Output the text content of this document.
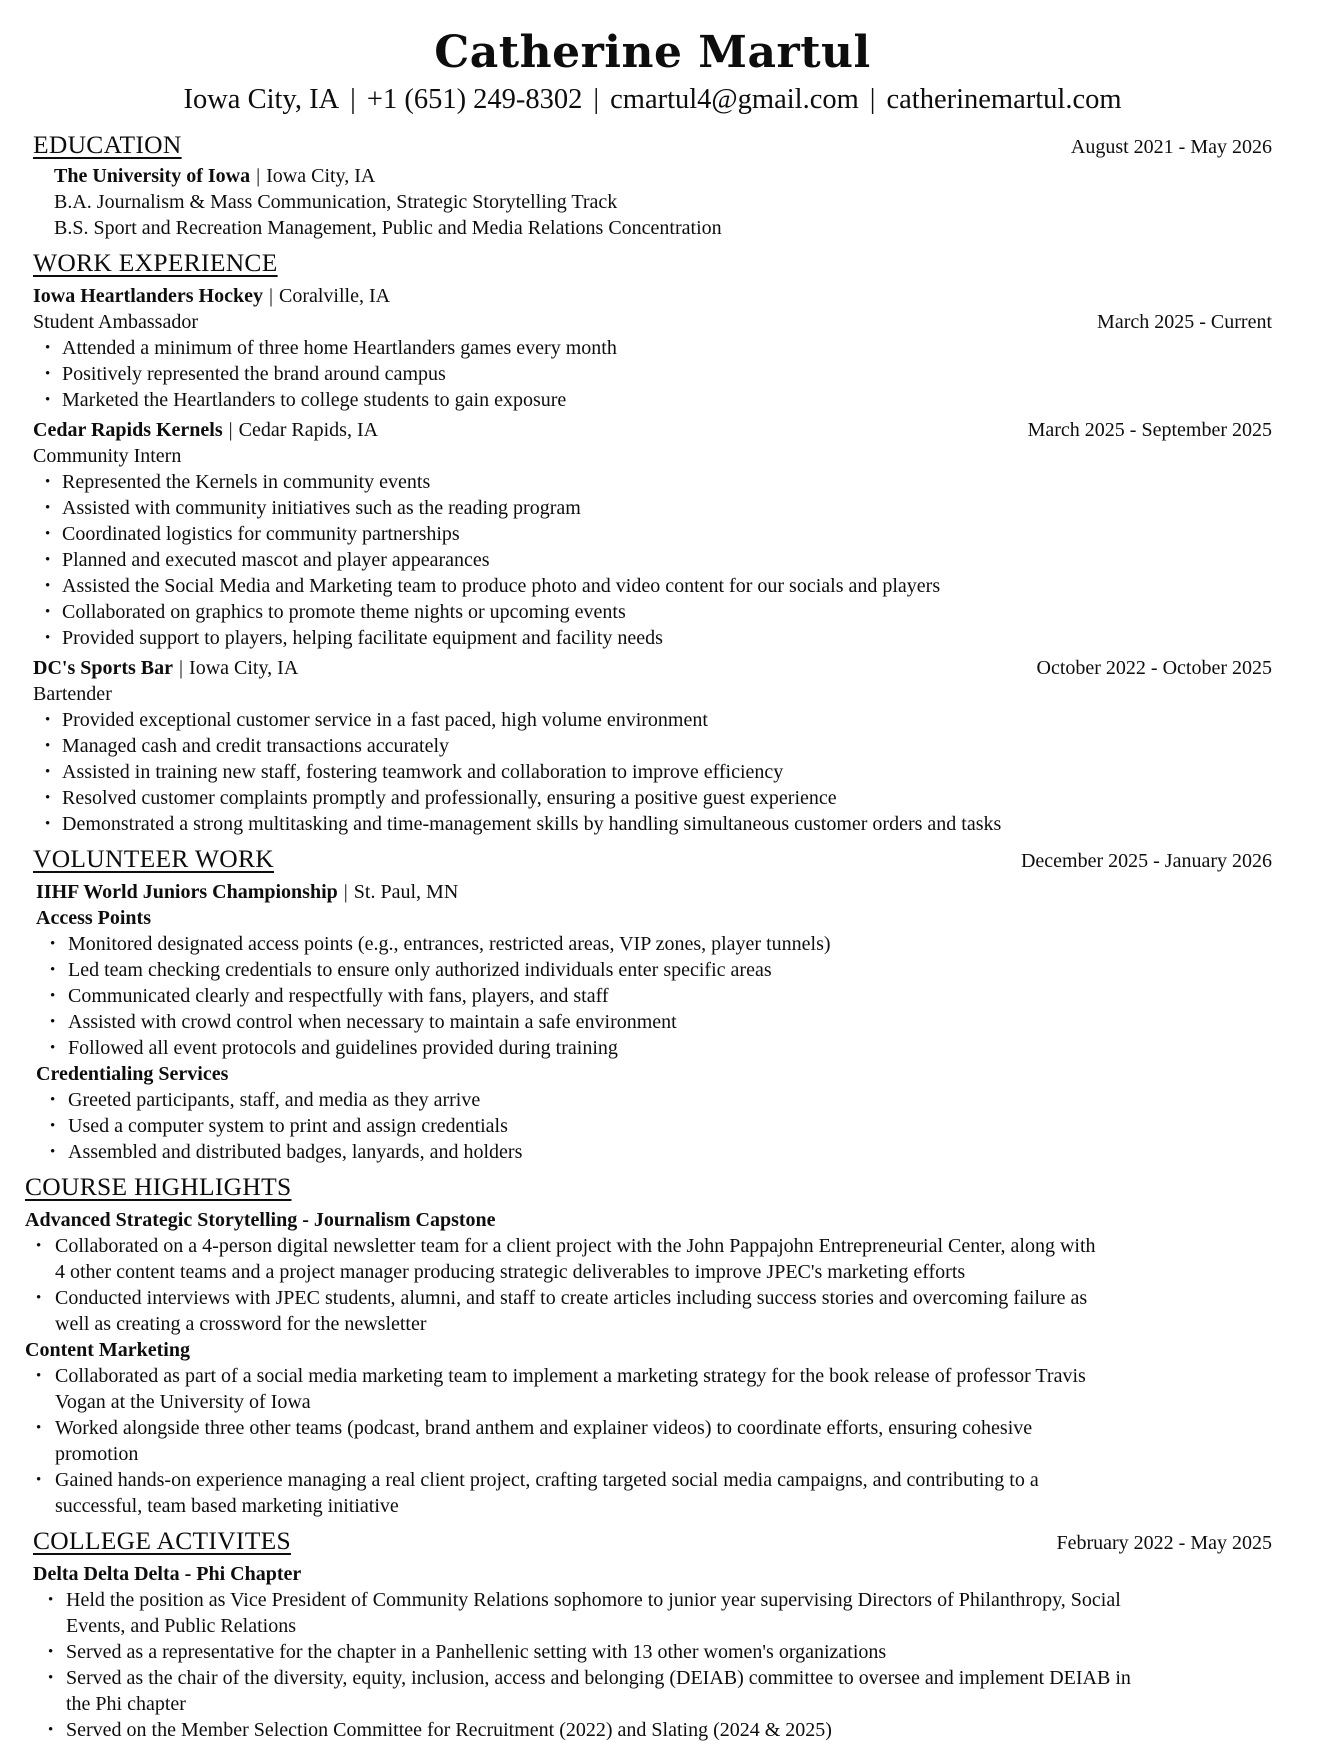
Catherine Martul
Iowa City, IA | +1 (651) 249-8302 | cmartul4@gmail.com | catherinemartul.com
EDUCATION	August 2021 - May 2026
The University of Iowa | Iowa City, IA
B.A. Journalism & Mass Communication, Strategic Storytelling Track
B.S. Sport and Recreation Management, Public and Media Relations Concentration
WORK EXPERIENCE
Iowa Heartlanders Hockey | Coralville, IA
Student Ambassador	March 2025 - Current
• Attended a minimum of three home Heartlanders games every month
• Positively represented the brand around campus
• Marketed the Heartlanders to college students to gain exposure
Cedar Rapids Kernels | Cedar Rapids, IA	March 2025 - September 2025
Community Intern
• Represented the Kernels in community events
• Assisted with community initiatives such as the reading program
• Coordinated logistics for community partnerships
• Planned and executed mascot and player appearances
• Assisted the Social Media and Marketing team to produce photo and video content for our socials and players
• Collaborated on graphics to promote theme nights or upcoming events
• Provided support to players, helping facilitate equipment and facility needs
DC's Sports Bar | Iowa City, IA	October 2022 - October 2025
Bartender
• Provided exceptional customer service in a fast paced, high volume environment
• Managed cash and credit transactions accurately
• Assisted in training new staff, fostering teamwork and collaboration to improve efficiency
• Resolved customer complaints promptly and professionally, ensuring a positive guest experience
• Demonstrated a strong multitasking and time-management skills by handling simultaneous customer orders and tasks
VOLUNTEER WORK	December 2025 - January 2026
IIHF World Juniors Championship | St. Paul, MN
Access Points
• Monitored designated access points (e.g., entrances, restricted areas, VIP zones, player tunnels)
• Led team checking credentials to ensure only authorized individuals enter specific areas
• Communicated clearly and respectfully with fans, players, and staff
• Assisted with crowd control when necessary to maintain a safe environment
• Followed all event protocols and guidelines provided during training
Credentialing Services
• Greeted participants, staff, and media as they arrive
• Used a computer system to print and assign credentials
• Assembled and distributed badges, lanyards, and holders
COURSE HIGHLIGHTS
Advanced Strategic Storytelling - Journalism Capstone
• Collaborated on a 4-person digital newsletter team for a client project with the John Pappajohn Entrepreneurial Center, along with 4 other content teams and a project manager producing strategic deliverables to improve JPEC's marketing efforts
• Conducted interviews with JPEC students, alumni, and staff to create articles including success stories and overcoming failure as well as creating a crossword for the newsletter
Content Marketing
• Collaborated as part of a social media marketing team to implement a marketing strategy for the book release of professor Travis Vogan at the University of Iowa
• Worked alongside three other teams (podcast, brand anthem and explainer videos) to coordinate efforts, ensuring cohesive promotion
• Gained hands-on experience managing a real client project, crafting targeted social media campaigns, and contributing to a successful, team based marketing initiative
COLLEGE ACTIVITES	February 2022 - May 2025
Delta Delta Delta - Phi Chapter
• Held the position as Vice President of Community Relations sophomore to junior year supervising Directors of Philanthropy, Social Events, and Public Relations
• Served as a representative for the chapter in a Panhellenic setting with 13 other women's organizations
• Served as the chair of the diversity, equity, inclusion, access and belonging (DEIAB) committee to oversee and implement DEIAB in the Phi chapter
• Served on the Member Selection Committee for Recruitment (2022) and Slating (2024 & 2025)
